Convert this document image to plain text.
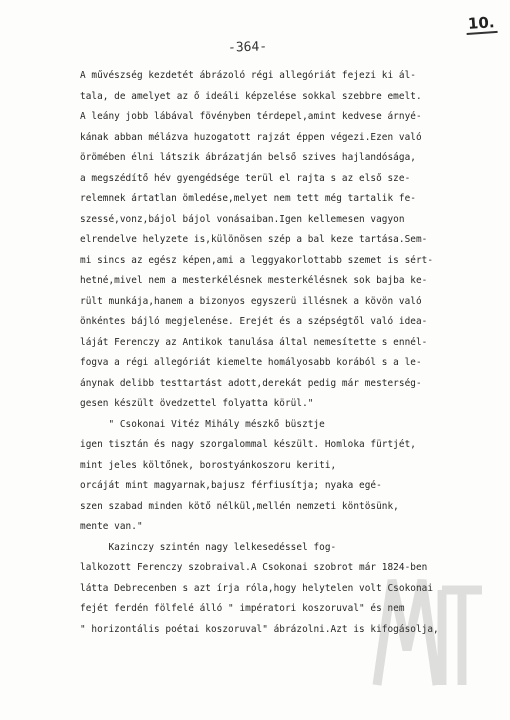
-364-
10.
A művészség kezdetét ábrázoló régi allegóriát fejezi ki ál-
tala, de amelyet az ő ideáli képzelése sokkal szebbre emelt.
A leány jobb lábával fövényben térdepel,amint kedvese árnyé-
kának abban mélázva huzogatott rajzát éppen végezi.Ezen való
örömében élni látszik ábrázatján belső szives hajlandósága,
a megszédítő hév gyengédsége terül el rajta s az első sze-
relemnek ártatlan ömledése,melyet nem tett még tartalik fe-
szessé,vonz,bájol bájol vonásaiban.Igen kellemesen vagyon
elrendelve helyzete is,különösen szép a bal keze tartása.Sem-
mi sincs az egész képen,ami a leggyakorlottabb szemet is sért-
hetné,mivel nem a mesterkélésnek mesterkélésnek sok bajba ke-
rült munkája,hanem a bizonyos egyszerü illésnek a kövön való
önkéntes bájló megjelenése. Erejét és a szépségtől való idea-
láját Ferenczy az Antikok tanulása által nemesítette s ennél-
fogva a régi allegóriát kiemelte homályosabb korából s a le-
ánynak delibb testtartást adott,derekát pedig már mesterség-
gesen készült övedzettel folyatta körül."
" Csokonai Vitéz Mihály mészkő büsztje
igen tisztán és nagy szorgalommal készült. Homloka fürtjét,
mint jeles költőnek, borostyánkoszoru keriti,
orcáját mint magyarnak,bajusz férfiusítja; nyaka egé-
szen szabad minden kötő nélkül,mellén nemzeti köntösünk,
mente van."
Kazinczy szintén nagy lelkesedéssel fog-
lalkozott Ferenczy szobraival.A Csokonai szobrot már 1824-ben
látta Debrecenben s azt írja róla,hogy helytelen volt Csokonai
fejét ferdén fölfelé álló " impératori koszoruval" és nem
" horizontális poétai koszoruval" ábrázolni.Azt is kifogásolja,
